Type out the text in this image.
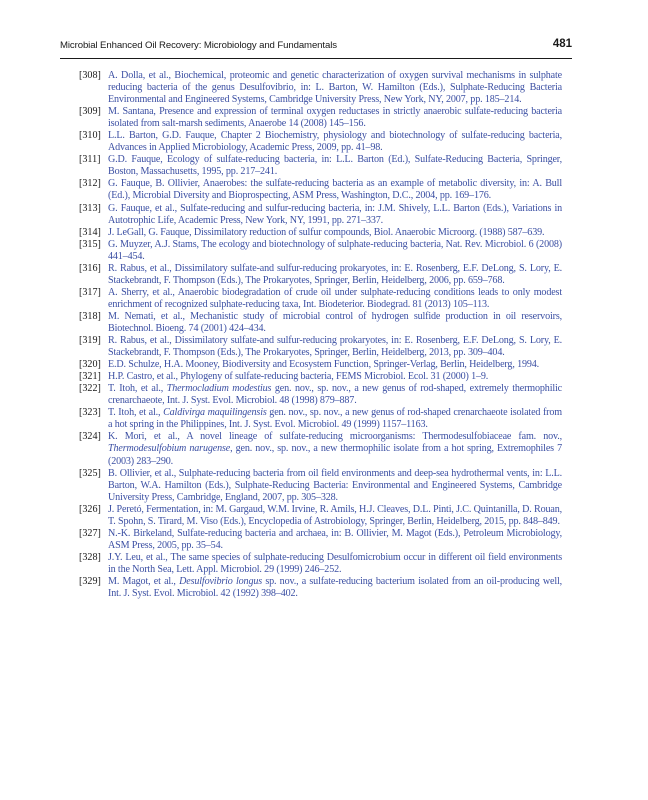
Microbial Enhanced Oil Recovery: Microbiology and Fundamentals	481
[308] A. Dolla, et al., Biochemical, proteomic and genetic characterization of oxygen survival mechanisms in sulphate reducing bacteria of the genus Desulfovibrio, in: L. Barton, W. Hamilton (Eds.), Sulphate-Reducing Bacteria Environmental and Engineered Systems, Cambridge University Press, New York, NY, 2007, pp. 185–214.
[309] M. Santana, Presence and expression of terminal oxygen reductases in strictly anaerobic sulfate-reducing bacteria isolated from salt-marsh sediments, Anaerobe 14 (2008) 145–156.
[310] L.L. Barton, G.D. Fauque, Chapter 2 Biochemistry, physiology and biotechnology of sulfate-reducing bacteria, Advances in Applied Microbiology, Academic Press, 2009, pp. 41–98.
[311] G.D. Fauque, Ecology of sulfate-reducing bacteria, in: L.L. Barton (Ed.), Sulfate-Reducing Bacteria, Springer, Boston, Massachusetts, 1995, pp. 217–241.
[312] G. Fauque, B. Ollivier, Anaerobes: the sulfate-reducing bacteria as an example of metabolic diversity, in: A. Bull (Ed.), Microbial Diversity and Bioprospecting, ASM Press, Washington, D.C., 2004, pp. 169–176.
[313] G. Fauque, et al., Sulfate-reducing and sulfur-reducing bacteria, in: J.M. Shively, L.L. Barton (Eds.), Variations in Autotrophic Life, Academic Press, New York, NY, 1991, pp. 271–337.
[314] J. LeGall, G. Fauque, Dissimilatory reduction of sulfur compounds, Biol. Anaerobic Microorg. (1988) 587–639.
[315] G. Muyzer, A.J. Stams, The ecology and biotechnology of sulphate-reducing bacteria, Nat. Rev. Microbiol. 6 (2008) 441–454.
[316] R. Rabus, et al., Dissimilatory sulfate-and sulfur-reducing prokaryotes, in: E. Rosenberg, E.F. DeLong, S. Lory, E. Stackebrandt, F. Thompson (Eds.), The Prokaryotes, Springer, Berlin, Heidelberg, 2006, pp. 659–768.
[317] A. Sherry, et al., Anaerobic biodegradation of crude oil under sulphate-reducing conditions leads to only modest enrichment of recognized sulphate-reducing taxa, Int. Biodeterior. Biodegrad. 81 (2013) 105–113.
[318] M. Nemati, et al., Mechanistic study of microbial control of hydrogen sulfide production in oil reservoirs, Biotechnol. Bioeng. 74 (2001) 424–434.
[319] R. Rabus, et al., Dissimilatory sulfate-and sulfur-reducing prokaryotes, in: E. Rosenberg, E.F. DeLong, S. Lory, E. Stackebrandt, F. Thompson (Eds.), The Prokaryotes, Springer, Berlin, Heidelberg, 2013, pp. 309–404.
[320] E.D. Schulze, H.A. Mooney, Biodiversity and Ecosystem Function, Springer-Verlag, Berlin, Heidelberg, 1994.
[321] H.P. Castro, et al., Phylogeny of sulfate-reducing bacteria, FEMS Microbiol. Ecol. 31 (2000) 1–9.
[322] T. Itoh, et al., Thermocladium modestius gen. nov., sp. nov., a new genus of rod-shaped, extremely thermophilic crenarchaeote, Int. J. Syst. Evol. Microbiol. 48 (1998) 879–887.
[323] T. Itoh, et al., Caldivirga maquilingensis gen. nov., sp. nov., a new genus of rod-shaped crenarchaeote isolated from a hot spring in the Philippines, Int. J. Syst. Evol. Microbiol. 49 (1999) 1157–1163.
[324] K. Mori, et al., A novel lineage of sulfate-reducing microorganisms: Thermodesulfobiaceae fam. nov., Thermodesulfobium narugense, gen. nov., sp. nov., a new thermophilic isolate from a hot spring, Extremophiles 7 (2003) 283–290.
[325] B. Ollivier, et al., Sulphate-reducing bacteria from oil field environments and deep-sea hydrothermal vents, in: L.L. Barton, W.A. Hamilton (Eds.), Sulphate-Reducing Bacteria: Environmental and Engineered Systems, Cambridge University Press, Cambridge, England, 2007, pp. 305–328.
[326] J. Peretó, Fermentation, in: M. Gargaud, W.M. Irvine, R. Amils, H.J. Cleaves, D.L. Pinti, J.C. Quintanilla, D. Rouan, T. Spohn, S. Tirard, M. Viso (Eds.), Encyclopedia of Astrobiology, Springer, Berlin, Heidelberg, 2015, pp. 848–849.
[327] N.-K. Birkeland, Sulfate-reducing bacteria and archaea, in: B. Ollivier, M. Magot (Eds.), Petroleum Microbiology, ASM Press, 2005, pp. 35–54.
[328] J.Y. Leu, et al., The same species of sulphate-reducing Desulfomicrobium occur in different oil field environments in the North Sea, Lett. Appl. Microbiol. 29 (1999) 246–252.
[329] M. Magot, et al., Desulfovibrio longus sp. nov., a sulfate-reducing bacterium isolated from an oil-producing well, Int. J. Syst. Evol. Microbiol. 42 (1992) 398–402.
